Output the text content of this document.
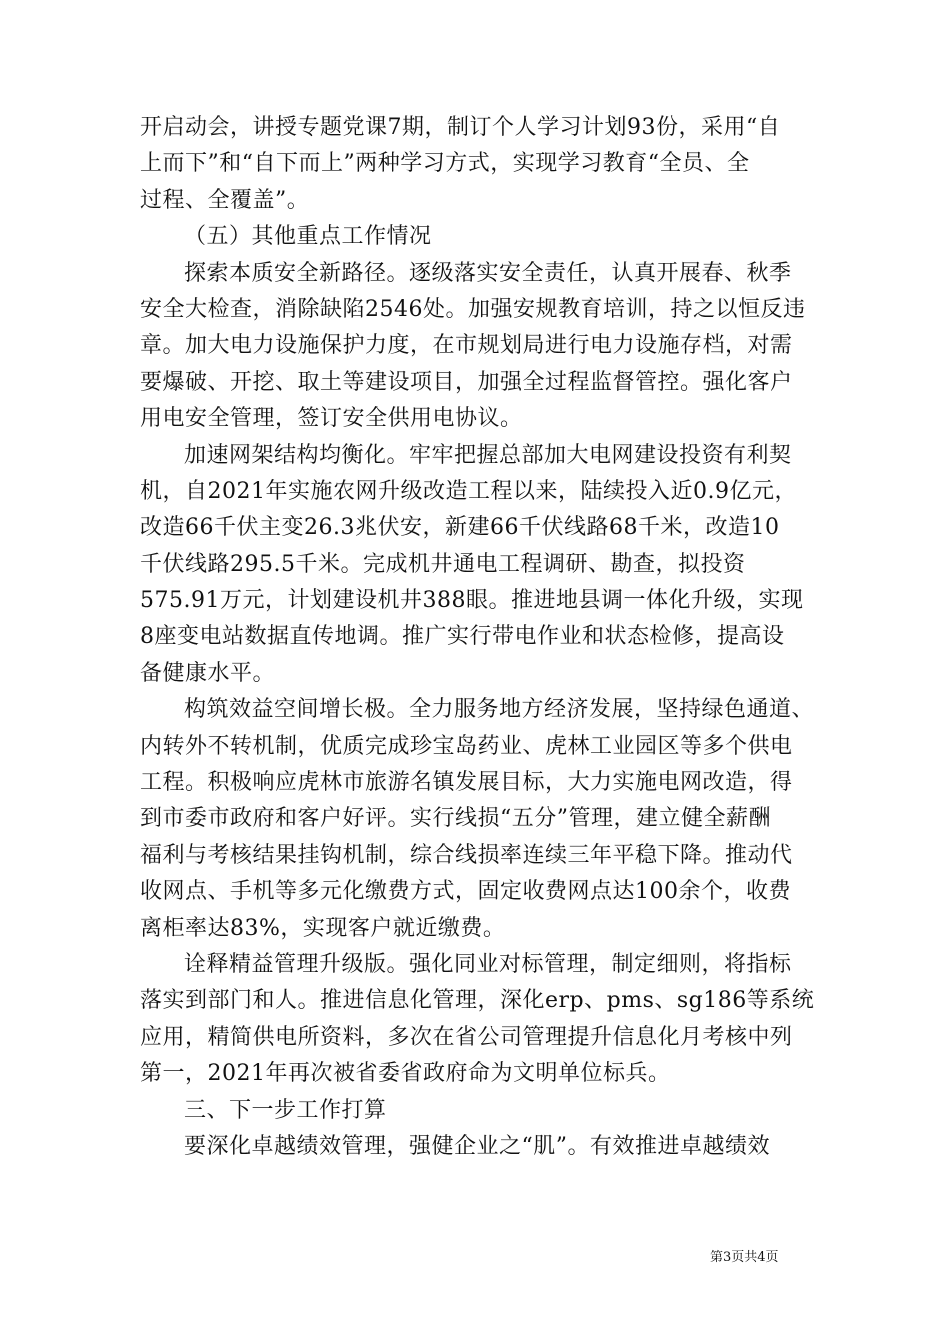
开启动会，讲授专题党课7期，制订个人学习计划93份，采用“自
上而下”和“自下而上”两种学习方式，实现学习教育“全员、全
过程、全覆盖”。
（五）其他重点工作情况
探索本质安全新路径。逐级落实安全责任，认真开展春、秋季
安全大检查，消除缺陷2546处。加强安规教育培训，持之以恒反违
章。加大电力设施保护力度，在市规划局进行电力设施存档，对需
要爆破、开挖、取土等建设项目，加强全过程监督管控。强化客户
用电安全管理，签订安全供用电协议。
加速网架结构均衡化。牢牢把握总部加大电网建设投资有利契
机，自2021年实施农网升级改造工程以来，陆续投入近0.9亿元，
改造66千伏主变26.3兆伏安，新建66千伏线路68千米，改造10
千伏线路295.5千米。完成机井通电工程调研、勘查，拟投资
575.91万元，计划建设机井388眼。推进地县调一体化升级，实现
8座变电站数据直传地调。推广实行带电作业和状态检修，提高设
备健康水平。
构筑效益空间增长极。全力服务地方经济发展，坚持绿色通道、
内转外不转机制，优质完成珍宝岛药业、虎林工业园区等多个供电
工程。积极响应虎林市旅游名镇发展目标，大力实施电网改造，得
到市委市政府和客户好评。实行线损“五分”管理，建立健全薪酬
福利与考核结果挂钩机制，综合线损率连续三年平稳下降。推动代
收网点、手机等多元化缴费方式，固定收费网点达100余个，收费
离柜率达83%，实现客户就近缴费。
诠释精益管理升级版。强化同业对标管理，制定细则，将指标
落实到部门和人。推进信息化管理，深化erp、pms、sg186等系统
应用，精简供电所资料，多次在省公司管理提升信息化月考核中列
第一，2021年再次被省委省政府命为文明单位标兵。
三、下一步工作打算
要深化卓越绩效管理，强健企业之“肌”。有效推进卓越绩效
第3页共4页
